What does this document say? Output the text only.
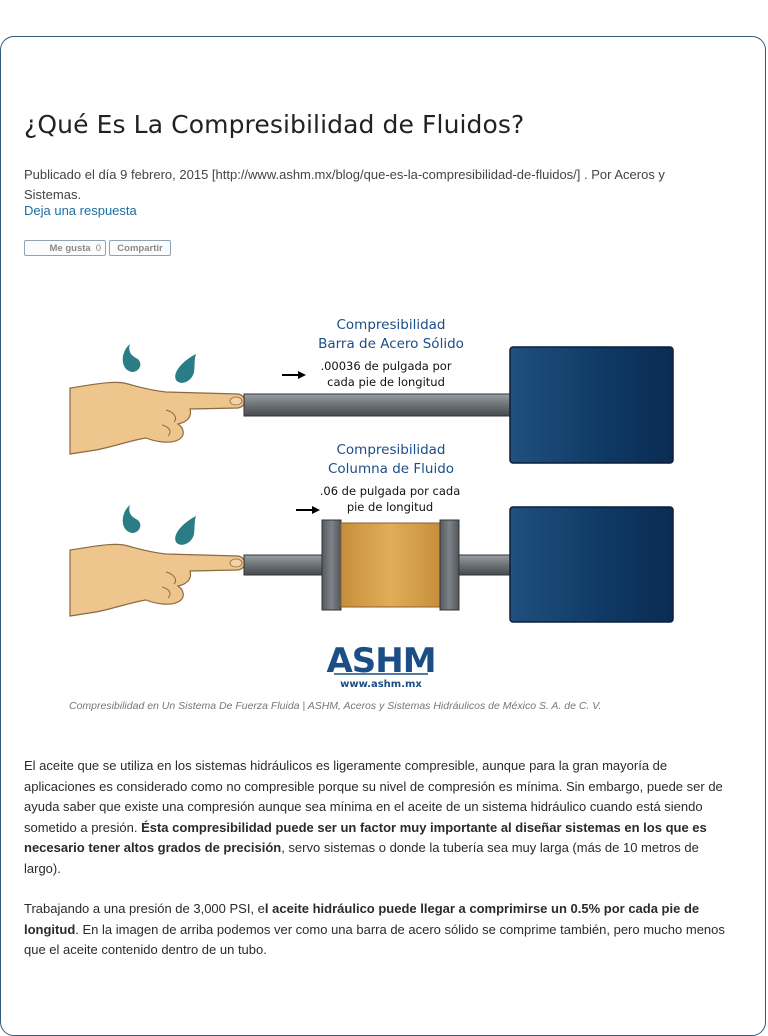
¿Qué Es La Compresibilidad de Fluidos?
Publicado el día 9 febrero, 2015 [http://www.ashm.mx/blog/que-es-la-compresibilidad-de-fluidos/] . Por Aceros y Sistemas.
Deja una respuesta
Me gusta 0 Compartir
Compresibilidad
Barra de Acero Sólido
.00036 de pulgada por
cada pie de longitud
Compresibilidad
Columna de Fluido
.06 de pulgada por cada
pie de longitud
ASHM
www.ashm.mx
Compresibilidad en Un Sistema De Fuerza Fluida | ASHM, Aceros y Sistemas Hidráulicos de México S. A. de C. V.

El aceite que se utiliza en los sistemas hidráulicos es ligeramente compresible, aunque para la gran mayoría de aplicaciones es considerado como no compresible porque su nivel de compresión es mínima. Sin embargo, puede ser de ayuda saber que existe una compresión aunque sea mínima en el aceite de un sistema hidráulico cuando está siendo sometido a presión. Ésta compresibilidad puede ser un factor muy importante al diseñar sistemas en los que es necesario tener altos grados de precisión, servo sistemas o donde la tubería sea muy larga (más de 10 metros de largo).

Trabajando a una presión de 3,000 PSI, el aceite hidráulico puede llegar a comprimirse un 0.5% por cada pie de longitud. En la imagen de arriba podemos ver como una barra de acero sólido se comprime también, pero mucho menos que el aceite contenido dentro de un tubo.
